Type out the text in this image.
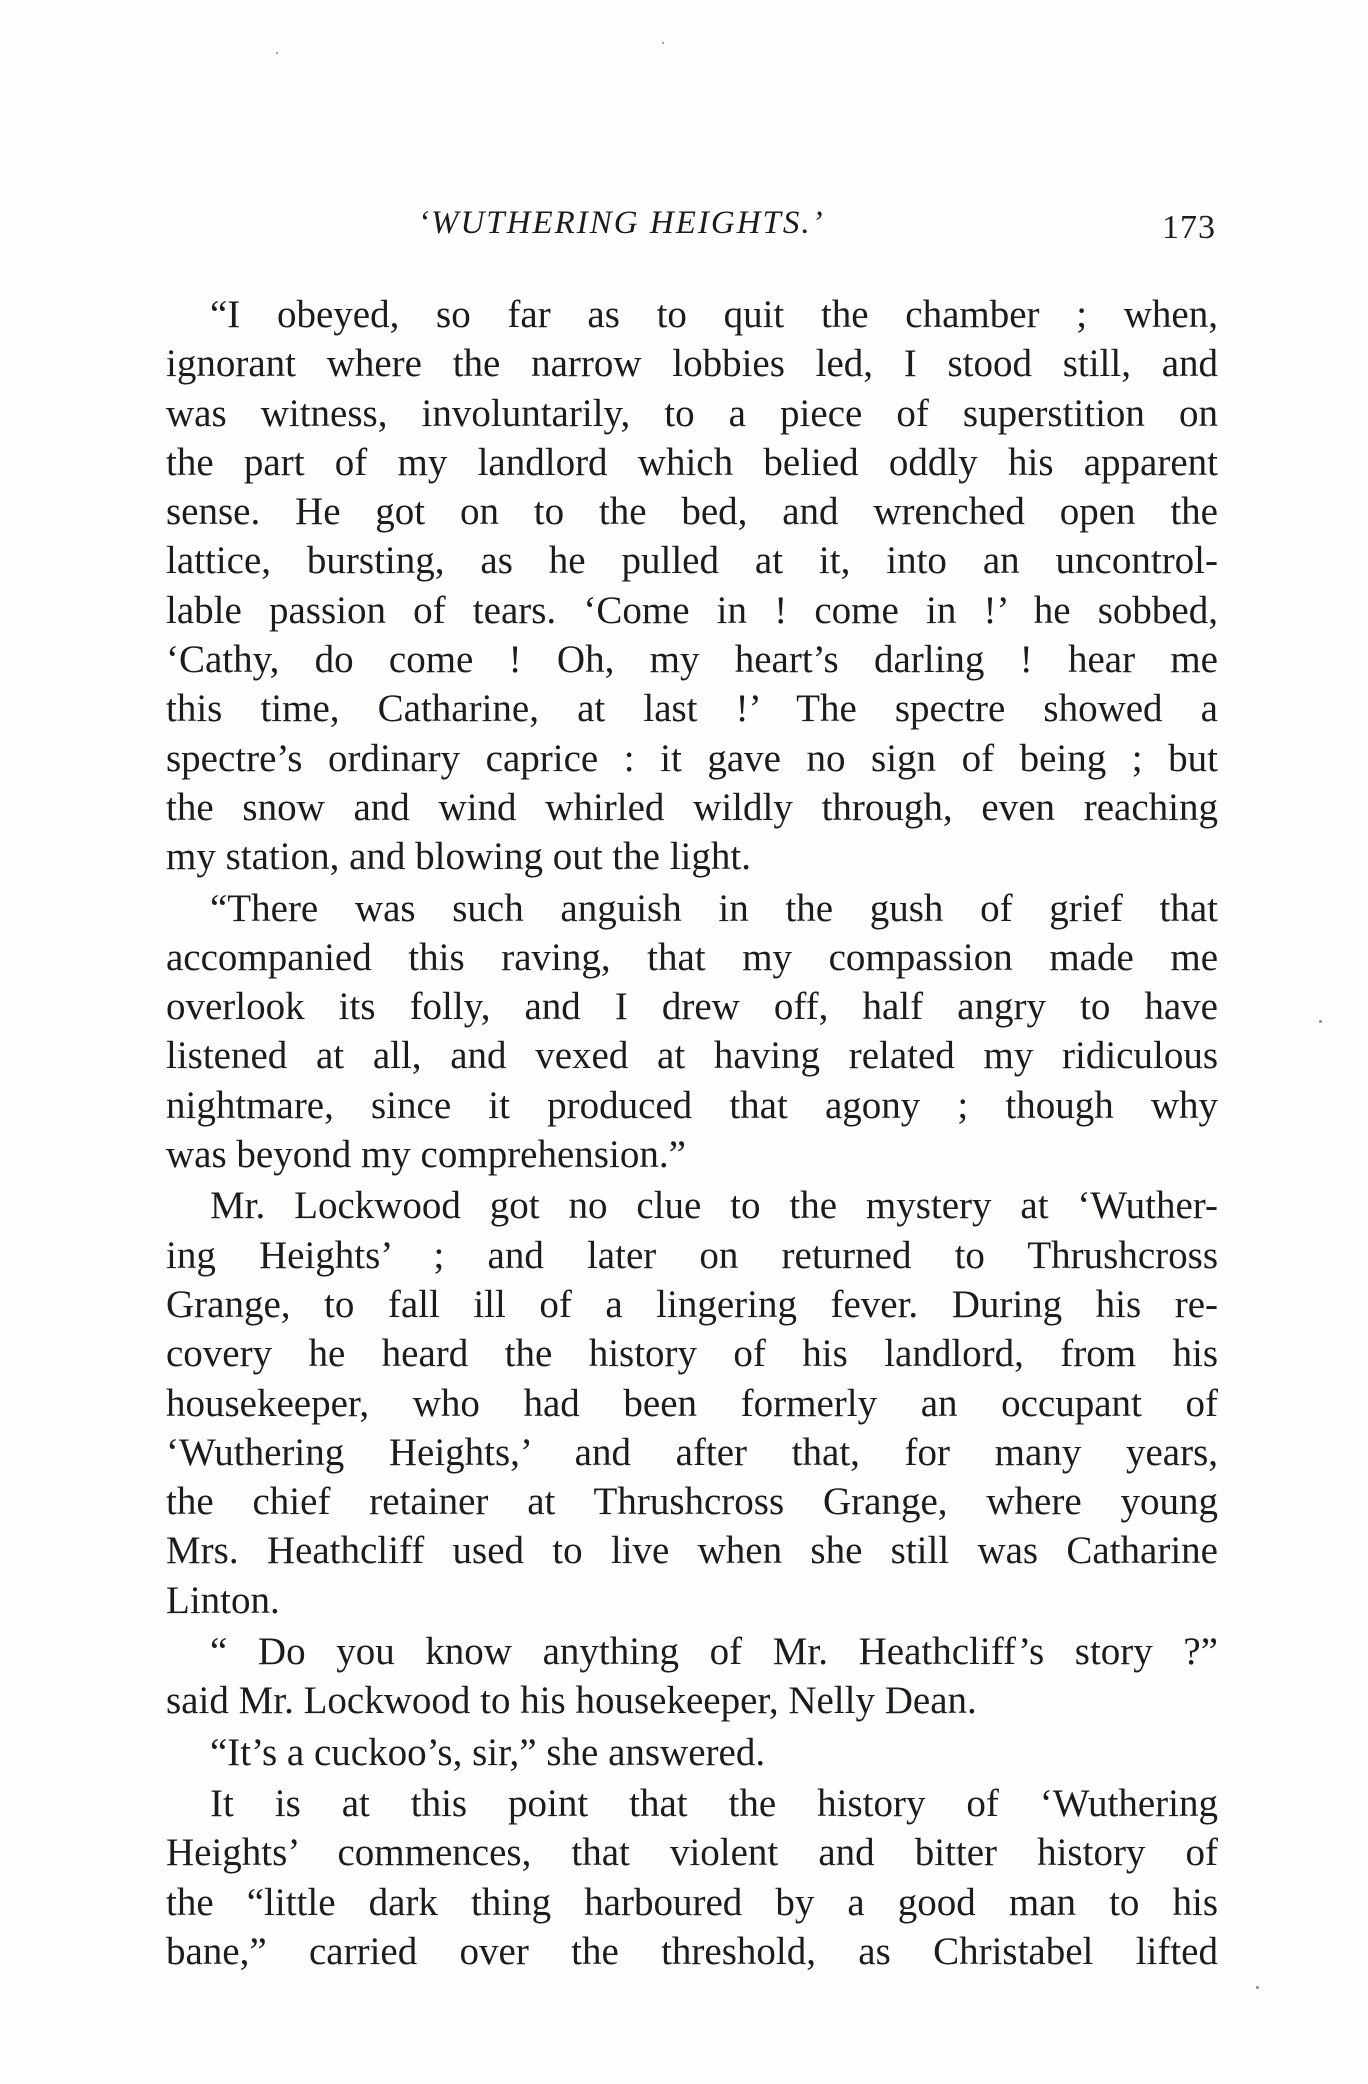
‘WUTHERING HEIGHTS.’	173
“I obeyed, so far as to quit the chamber ; when,
ignorant where the narrow lobbies led, I stood still, and
was witness, involuntarily, to a piece of superstition on
the part of my landlord which belied oddly his apparent
sense. He got on to the bed, and wrenched open the
lattice, bursting, as he pulled at it, into an uncontrol-
lable passion of tears. ‘Come in ! come in !’ he sobbed,
‘Cathy, do come ! Oh, my heart’s darling ! hear me
this time, Catharine, at last !’ The spectre showed a
spectre’s ordinary caprice : it gave no sign of being ; but
the snow and wind whirled wildly through, even reaching
my station, and blowing out the light.
“There was such anguish in the gush of grief that
accompanied this raving, that my compassion made me
overlook its folly, and I drew off, half angry to have
listened at all, and vexed at having related my ridiculous
nightmare, since it produced that agony ; though why
was beyond my comprehension.”
Mr. Lockwood got no clue to the mystery at ‘Wuther-
ing Heights’ ; and later on returned to Thrushcross
Grange, to fall ill of a lingering fever. During his re-
covery he heard the history of his landlord, from his
housekeeper, who had been formerly an occupant of
‘Wuthering Heights,’ and after that, for many years,
the chief retainer at Thrushcross Grange, where young
Mrs. Heathcliff used to live when she still was Catharine
Linton.
“ Do you know anything of Mr. Heathcliff’s story ?”
said Mr. Lockwood to his housekeeper, Nelly Dean.
“It’s a cuckoo’s, sir,” she answered.
It is at this point that the history of ‘Wuthering
Heights’ commences, that violent and bitter history of
the “little dark thing harboured by a good man to his
bane,” carried over the threshold, as Christabel lifted
